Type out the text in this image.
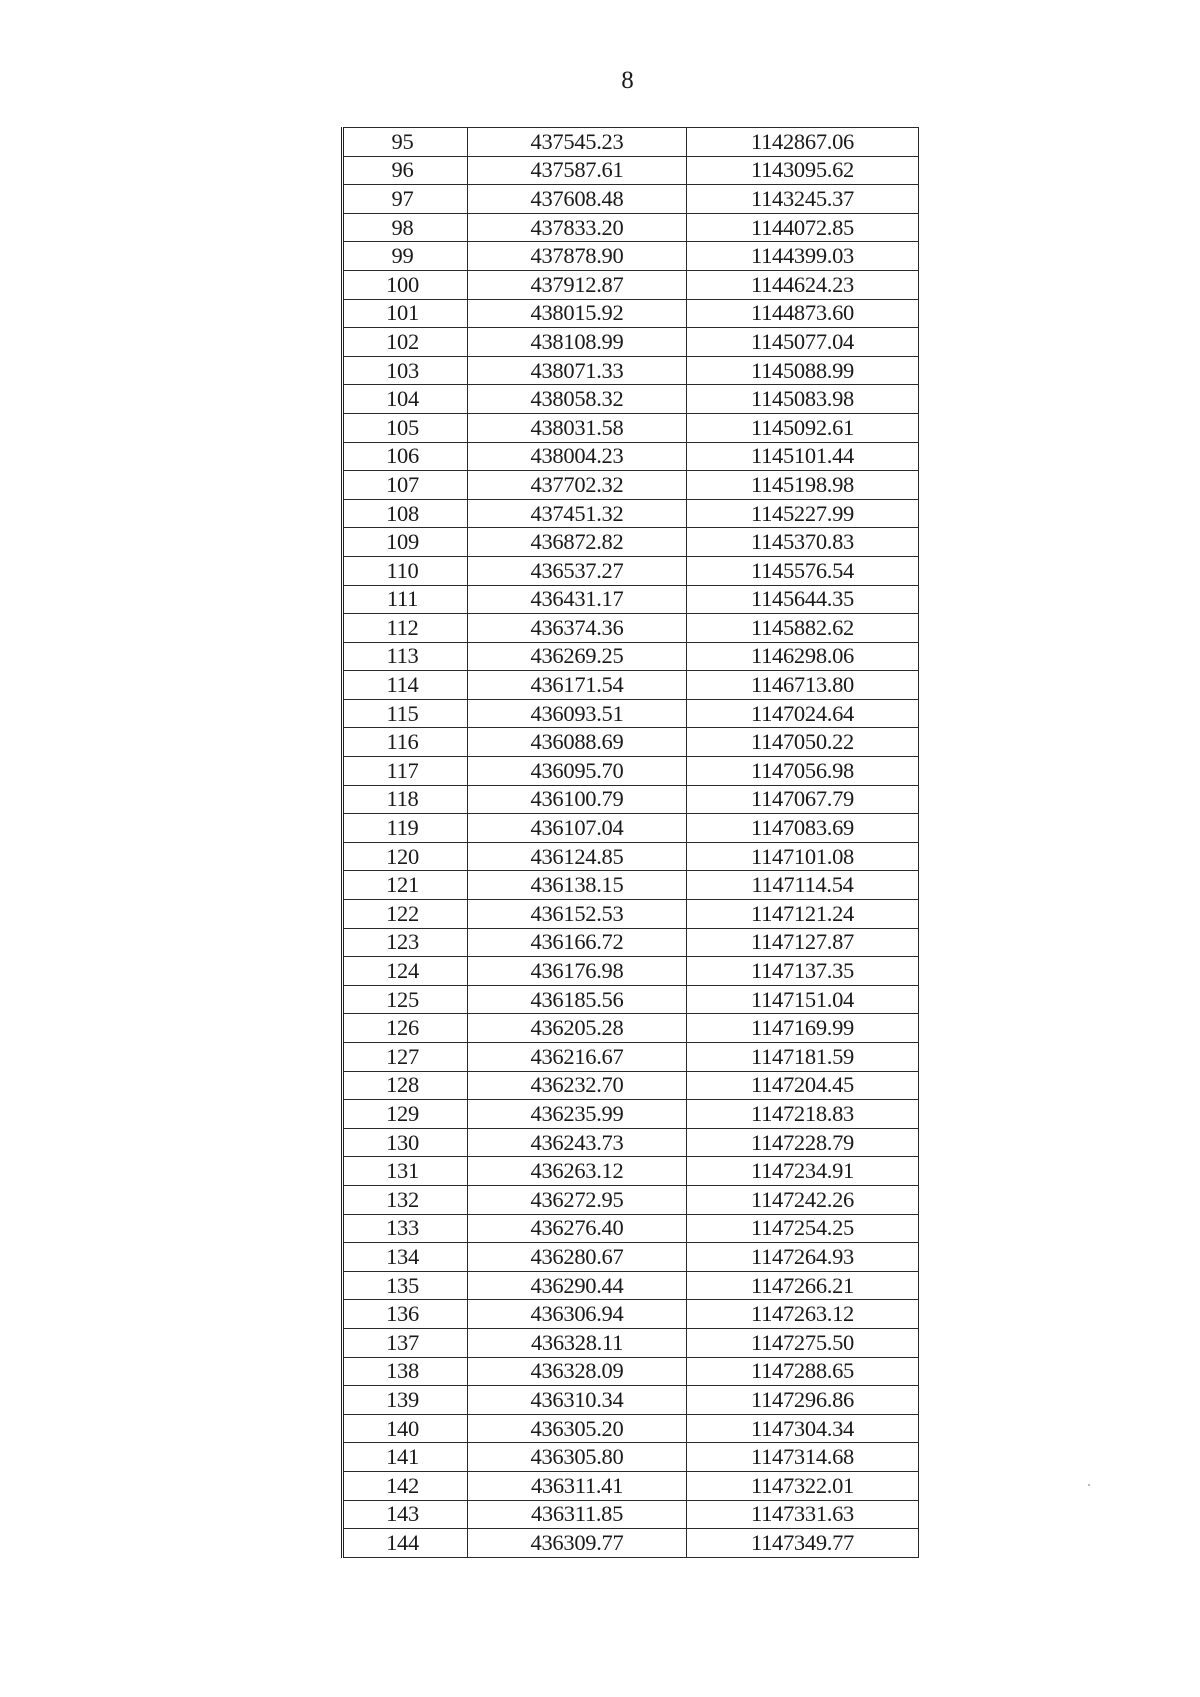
8
95	437545.23	1142867.06
96	437587.61	1143095.62
97	437608.48	1143245.37
98	437833.20	1144072.85
99	437878.90	1144399.03
100	437912.87	1144624.23
101	438015.92	1144873.60
102	438108.99	1145077.04
103	438071.33	1145088.99
104	438058.32	1145083.98
105	438031.58	1145092.61
106	438004.23	1145101.44
107	437702.32	1145198.98
108	437451.32	1145227.99
109	436872.82	1145370.83
110	436537.27	1145576.54
111	436431.17	1145644.35
112	436374.36	1145882.62
113	436269.25	1146298.06
114	436171.54	1146713.80
115	436093.51	1147024.64
116	436088.69	1147050.22
117	436095.70	1147056.98
118	436100.79	1147067.79
119	436107.04	1147083.69
120	436124.85	1147101.08
121	436138.15	1147114.54
122	436152.53	1147121.24
123	436166.72	1147127.87
124	436176.98	1147137.35
125	436185.56	1147151.04
126	436205.28	1147169.99
127	436216.67	1147181.59
128	436232.70	1147204.45
129	436235.99	1147218.83
130	436243.73	1147228.79
131	436263.12	1147234.91
132	436272.95	1147242.26
133	436276.40	1147254.25
134	436280.67	1147264.93
135	436290.44	1147266.21
136	436306.94	1147263.12
137	436328.11	1147275.50
138	436328.09	1147288.65
139	436310.34	1147296.86
140	436305.20	1147304.34
141	436305.80	1147314.68
142	436311.41	1147322.01
143	436311.85	1147331.63
144	436309.77	1147349.77
